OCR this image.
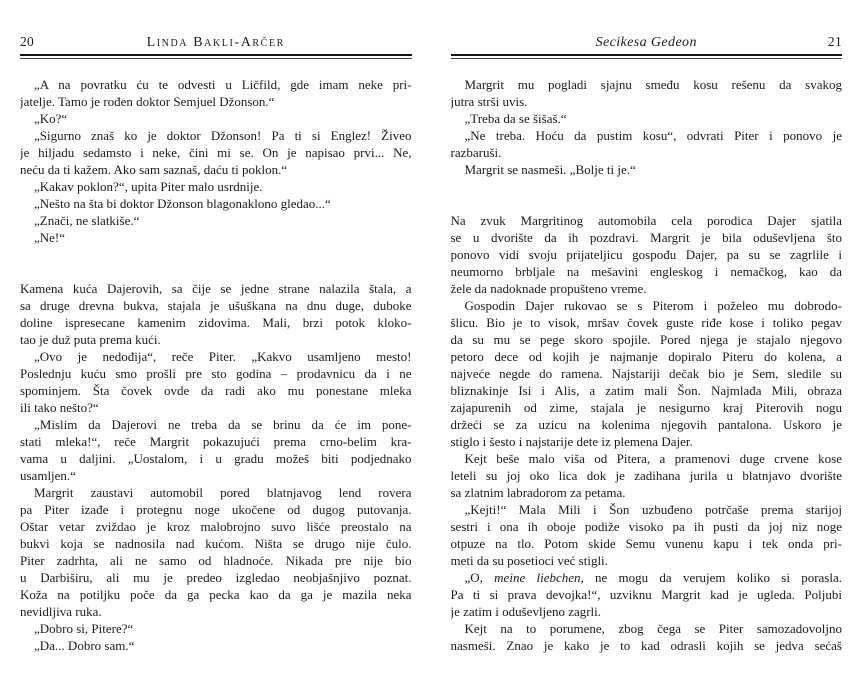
20	Linda Bakli-Arčer
„A na povratku ću te odvesti u Ličfild, gde imam neke pri-
jatelje. Tamo je rođen doktor Semjuel Džonson.“
„Ko?“
„Sigurno znaš ko je doktor Džonson! Pa ti si Englez! Živeo
je hiljadu sedamsto i neke, čini mi se. On je napisao prvi... Ne,
neću da ti kažem. Ako sam saznaš, daću ti poklon.“
„Kakav poklon?“, upita Piter malo usrdnije.
„Nešto na šta bi doktor Džonson blagonaklono gledao...“
„Znači, ne slatkiše.“
„Ne!“
Kamena kuća Dajerovih, sa čije se jedne strane nalazila štala, a
sa druge drevna bukva, stajala je ušuškana na dnu duge, duboke
doline ispresecane kamenim zidovima. Mali, brzi potok kloko-
tao je duž puta prema kući.
„Ovo je nedođija“, reče Piter. „Kakvo usamljeno mesto!
Poslednju kuću smo prošli pre sto godina – prodavnicu da i ne
spominjem. Šta čovek ovde da radi ako mu ponestane mleka
ili tako nešto?“
„Mislim da Dajerovi ne treba da se brinu da će im pone-
stati mleka!“, reče Margrit pokazujući prema crno-belim kra-
vama u daljini. „Uostalom, i u gradu možeš biti podjednako
usamljen.“
Margrit zaustavi automobil pored blatnjavog lend rovera
pa Piter izađe i protegnu noge ukočene od dugog putovanja.
Oštar vetar zviždao je kroz malobrojno suvo lišće preostalo na
bukvi koja se nadnosila nad kućom. Ništa se drugo nije čulo.
Piter zadrhta, ali ne samo od hladnoće. Nikada pre nije bio
u Darbiširu, ali mu je predeo izgledao neobjašnjivo poznat.
Koža na potiljku poče da ga pecka kao da ga je mazila neka
nevidljiva ruka.
„Dobro si, Pitere?“
„Da... Dobro sam.“
Secikesa Gedeon	21
Margrit mu pogladi sjajnu smeđu kosu rešenu da svakog
jutra strši uvis.
„Treba da se šišaš.“
„Ne treba. Hoću da pustim kosu“, odvrati Piter i ponovo je
razbaruši.
Margrit se nasmeši. „Bolje ti je.“
Na zvuk Margritinog automobila cela porodica Dajer sjatila
se u dvorište da ih pozdravi. Margrit je bila oduševljena što
ponovo vidi svoju prijateljicu gospođu Dajer, pa su se zagrlile i
neumorno brbljale na mešavini engleskog i nemačkog, kao da
žele da nadoknade propušteno vreme.
Gospodin Dajer rukovao se s Piterom i poželeo mu dobrodo-
šlicu. Bio je to visok, mršav čovek guste riđe kose i toliko pegav
da su mu se pege skoro spojile. Pored njega je stajalo njegovo
petoro dece od kojih je najmanje dopiralo Piteru do kolena, a
najveće negde do ramena. Najstariji dečak bio je Sem, sledile su
bliznakinje Isi i Alis, a zatim mali Šon. Najmlađa Mili, obraza
zajapurenih od zime, stajala je nesigurno kraj Piterovih nogu
držeći se za uzicu na kolenima njegovih pantalona. Uskoro je
stiglo i šesto i najstarije dete iz plemena Dajer.
Kejt beše malo viša od Pitera, a pramenovi duge crvene kose
leteli su joj oko lica dok je zadihana jurila u blatnjavo dvorište
sa zlatnim labradorom za petama.
„Kejti!“ Mala Mili i Šon uzbuđeno potrčaše prema starijoj
sestri i ona ih oboje podiže visoko pa ih pusti da joj niz noge
otpuze na tlo. Potom skide Semu vunenu kapu i tek onda pri-
meti da su posetioci već stigli.
„O, meine liebchen, ne mogu da verujem koliko si porasla.
Pa ti si prava devojka!“, uzviknu Margrit kad je ugleda. Poljubi
je zatim i oduševljeno zagrli.
Kejt na to porumene, zbog čega se Piter samozadovoljno
nasmeši. Znao je kako je to kad odrasli kojih se jedva sećaš
